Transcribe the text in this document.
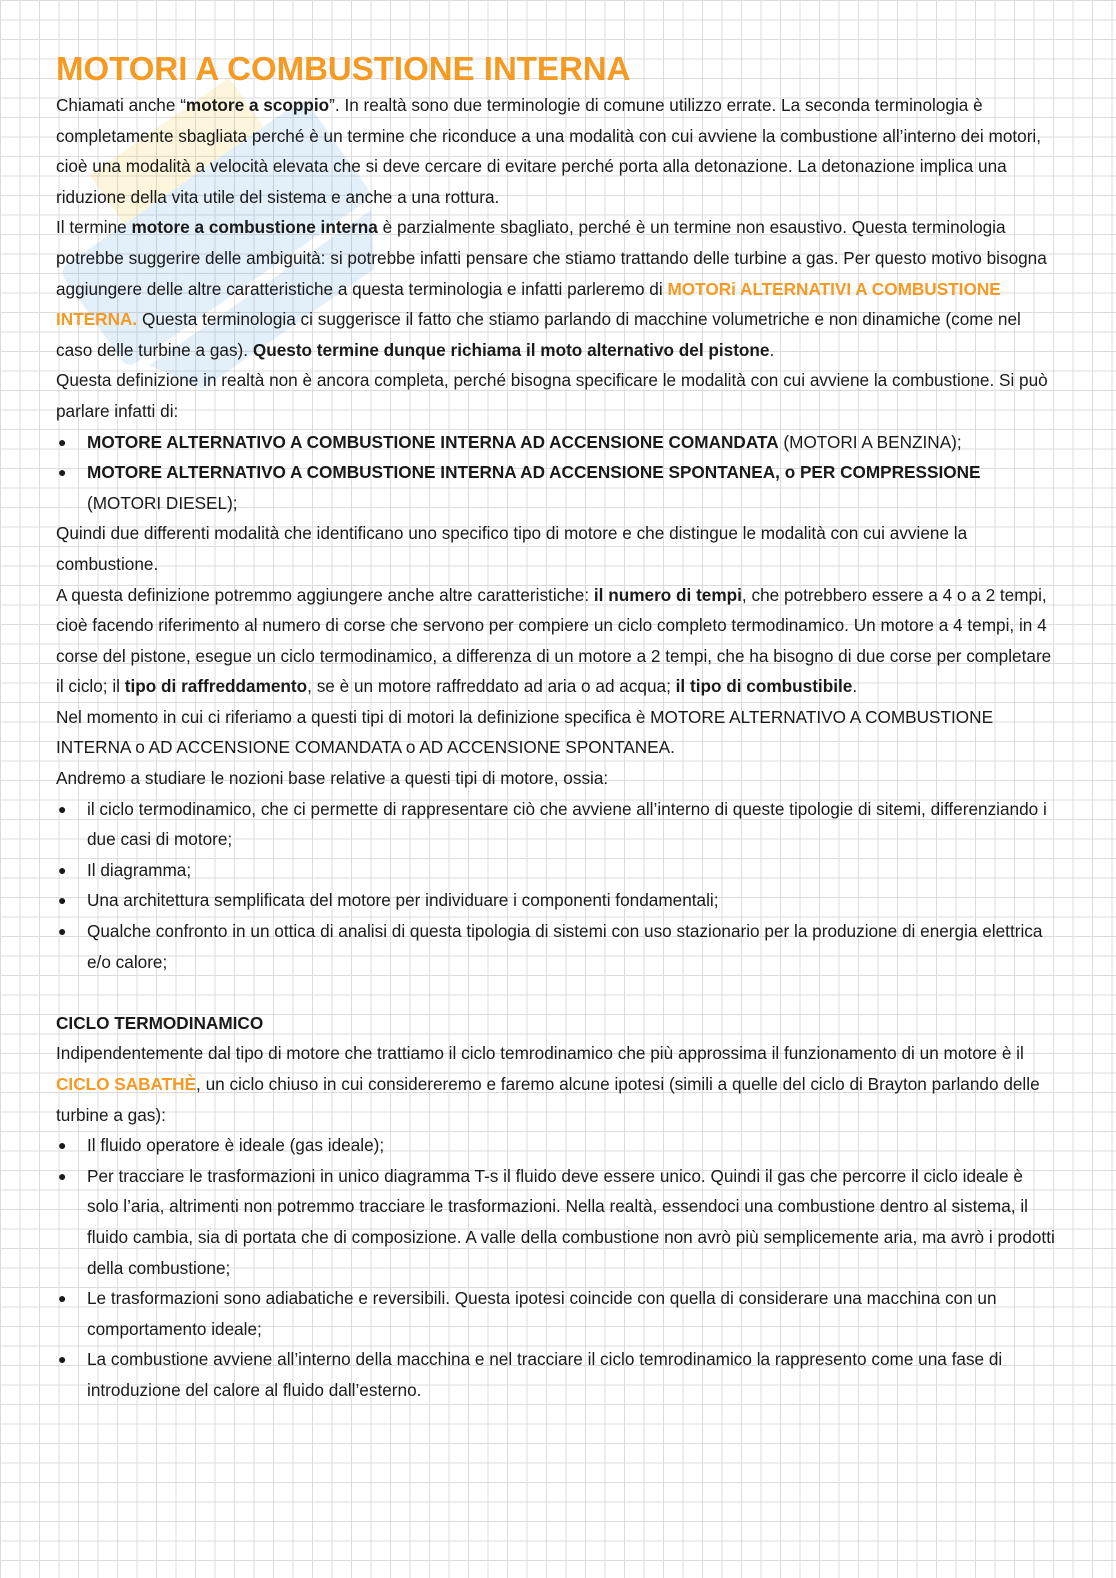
MOTORI A COMBUSTIONE INTERNA

Chiamati anche “motore a scoppio”. In realtà sono due terminologie di comune utilizzo errate. La seconda terminologia è completamente sbagliata perché è un termine che riconduce a una modalità con cui avviene la combustione all’interno dei motori, cioè una modalità a velocità elevata che si deve cercare di evitare perché porta alla detonazione. La detonazione implica una riduzione della vita utile del sistema e anche a una rottura.

Il termine motore a combustione interna è parzialmente sbagliato, perché è un termine non esaustivo. Questa terminologia potrebbe suggerire delle ambiguità: si potrebbe infatti pensare che stiamo trattando delle turbine a gas. Per questo motivo bisogna aggiungere delle altre caratteristiche a questa terminologia e infatti parleremo di MOTORi ALTERNATIVI A COMBUSTIONE INTERNA. Questa terminologia ci suggerisce il fatto che stiamo parlando di macchine volumetriche e non dinamiche (come nel caso delle turbine a gas). Questo termine dunque richiama il moto alternativo del pistone.

Questa definizione in realtà non è ancora completa, perché bisogna specificare le modalità con cui avviene la combustione. Si può parlare infatti di:

● MOTORE ALTERNATIVO A COMBUSTIONE INTERNA AD ACCENSIONE COMANDATA (MOTORI A BENZINA);
● MOTORE ALTERNATIVO A COMBUSTIONE INTERNA AD ACCENSIONE SPONTANEA, o PER COMPRESSIONE (MOTORI DIESEL);

Quindi due differenti modalità che identificano uno specifico tipo di motore e che distingue le modalità con cui avviene la combustione.

A questa definizione potremmo aggiungere anche altre caratteristiche: il numero di tempi, che potrebbero essere a 4 o a 2 tempi, cioè facendo riferimento al numero di corse che servono per compiere un ciclo completo termodinamico. Un motore a 4 tempi, in 4 corse del pistone, esegue un ciclo termodinamico, a differenza di un motore a 2 tempi, che ha bisogno di due corse per completare il ciclo; il tipo di raffreddamento, se è un motore raffreddato ad aria o ad acqua; il tipo di combustibile.

Nel momento in cui ci riferiamo a questi tipi di motori la definizione specifica è MOTORE ALTERNATIVO A COMBUSTIONE INTERNA o AD ACCENSIONE COMANDATA o AD ACCENSIONE SPONTANEA.

Andremo a studiare le nozioni base relative a questi tipi di motore, ossia:

● il ciclo termodinamico, che ci permette di rappresentare ciò che avviene all’interno di queste tipologie di sitemi, differenziando i due casi di motore;
● Il diagramma;
● Una architettura semplificata del motore per individuare i componenti fondamentali;
● Qualche confronto in un ottica di analisi di questa tipologia di sistemi con uso stazionario per la produzione di energia elettrica e/o calore;
CICLO TERMODINAMICO

Indipendentemente dal tipo di motore che trattiamo il ciclo temrodinamico che più approssima il funzionamento di un motore è il CICLO SABATHÈ, un ciclo chiuso in cui considereremo e faremo alcune ipotesi (simili a quelle del ciclo di Brayton parlando delle turbine a gas):

● Il fluido operatore è ideale (gas ideale);
● Per tracciare le trasformazioni in unico diagramma T-s il fluido deve essere unico. Quindi il gas che percorre il ciclo ideale è solo l’aria, altrimenti non potremmo tracciare le trasformazioni. Nella realtà, essendoci una combustione dentro al sistema, il fluido cambia, sia di portata che di composizione. A valle della combustione non avrò più semplicemente aria, ma avrò i prodotti della combustione;
● Le trasformazioni sono adiabatiche e reversibili. Questa ipotesi coincide con quella di considerare una macchina con un comportamento ideale;
● La combustione avviene all’interno della macchina e nel tracciare il ciclo temrodinamico la rappresento come una fase di introduzione del calore al fluido dall’esterno.
